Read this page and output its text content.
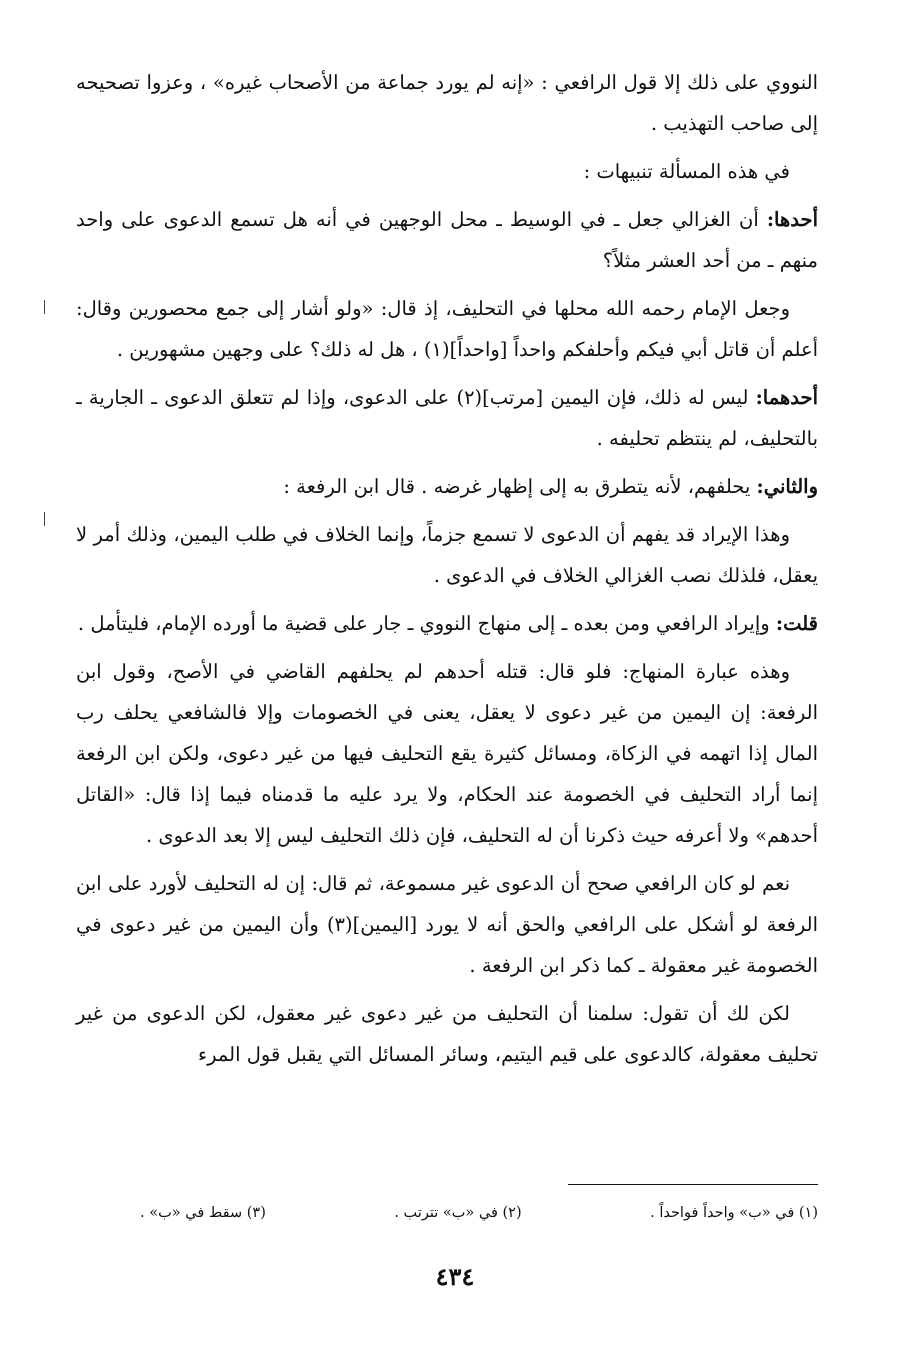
النووي على ذلك إلا قول الرافعي : «إنه لم يورد جماعة من الأصحاب غيره» ، وعزوا تصحيحه إلى صاحب التهذيب .

في هذه المسألة تنبيهات :

أحدها: أن الغزالي جعل ـ في الوسيط ـ محل الوجهين في أنه هل تسمع الدعوى على واحد منهم ـ من أحد العشر مثلاً؟

وجعل الإمام رحمه الله محلها في التحليف، إذ قال: «ولو أشار إلى جمع محصورين وقال: أعلم أن قاتل أبي فيكم وأحلفكم واحداً [واحداً](١) ، هل له ذلك؟ على وجهين مشهورين .

أحدهما: ليس له ذلك، فإن اليمين [مرتب](٢) على الدعوى، وإذا لم تتعلق الدعوى ـ الجارية ـ بالتحليف، لم ينتظم تحليفه .

والثاني: يحلفهم، لأنه يتطرق به إلى إظهار غرضه . قال ابن الرفعة :

وهذا الإيراد قد يفهم أن الدعوى لا تسمع جزماً، وإنما الخلاف في طلب اليمين، وذلك أمر لا يعقل، فلذلك نصب الغزالي الخلاف في الدعوى .

قلت: وإيراد الرافعي ومن بعده ـ إلى منهاج النووي ـ جار على قضية ما أورده الإمام، فليتأمل .

وهذه عبارة المنهاج: فلو قال: قتله أحدهم لم يحلفهم القاضي في الأصح، وقول ابن الرفعة: إن اليمين من غير دعوى لا يعقل، يعنى في الخصومات وإلا فالشافعي يحلف رب المال إذا اتهمه في الزكاة، ومسائل كثيرة يقع التحليف فيها من غير دعوى، ولكن ابن الرفعة إنما أراد التحليف في الخصومة عند الحكام، ولا يرد عليه ما قدمناه فيما إذا قال: «القاتل أحدهم» ولا أعرفه حيث ذكرنا أن له التحليف، فإن ذلك التحليف ليس إلا بعد الدعوى .

نعم لو كان الرافعي صحح أن الدعوى غير مسموعة، ثم قال: إن له التحليف لأورد على ابن الرفعة لو أشكل على الرافعي والحق أنه لا يورد [اليمين](٣) وأن اليمين من غير دعوى في الخصومة غير معقولة ـ كما ذكر ابن الرفعة .

لكن لك أن تقول: سلمنا أن التحليف من غير دعوى غير معقول، لكن الدعوى من غير تحليف معقولة، كالدعوى على قيم اليتيم، وسائر المسائل التي يقبل قول المرء

(١) في «ب» واحداً فواحداً .
(٢) في «ب» تترتب .
(٣) سقط في «ب» .
٤٣٤
